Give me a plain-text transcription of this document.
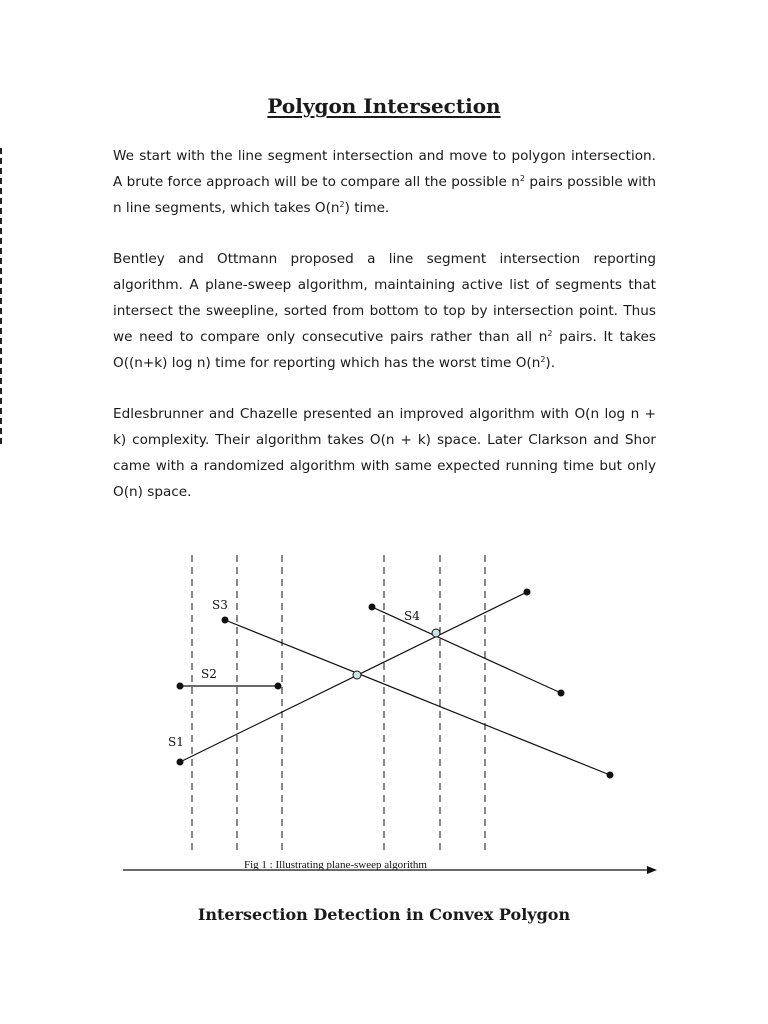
Polygon Intersection

We start with the line segment intersection and move to polygon intersection. A brute force approach will be to compare all the possible $n^2$ pairs possible with n line segments, which takes $O(n^2)$ time.

Bentley and Ottmann proposed a line segment intersection reporting algorithm. A plane-sweep algorithm, maintaining active list of segments that intersect the sweepline, sorted from bottom to top by intersection point. Thus we need to compare only consecutive pairs rather than all $n^2$ pairs. It takes O((n+k) log n) time for reporting which has the worst time $O(n^2)$.

Edlesbrunner and Chazelle presented an improved algorithm with O(n log n + k) complexity. Their algorithm takes O(n + k) space. Later Clarkson and Shor came with a randomized algorithm with same expected running time but only O(n) space.

S1
S2
S3
S4
Fig 1 : Illustrating plane-sweep algorithm
Intersection Detection in Convex Polygon
